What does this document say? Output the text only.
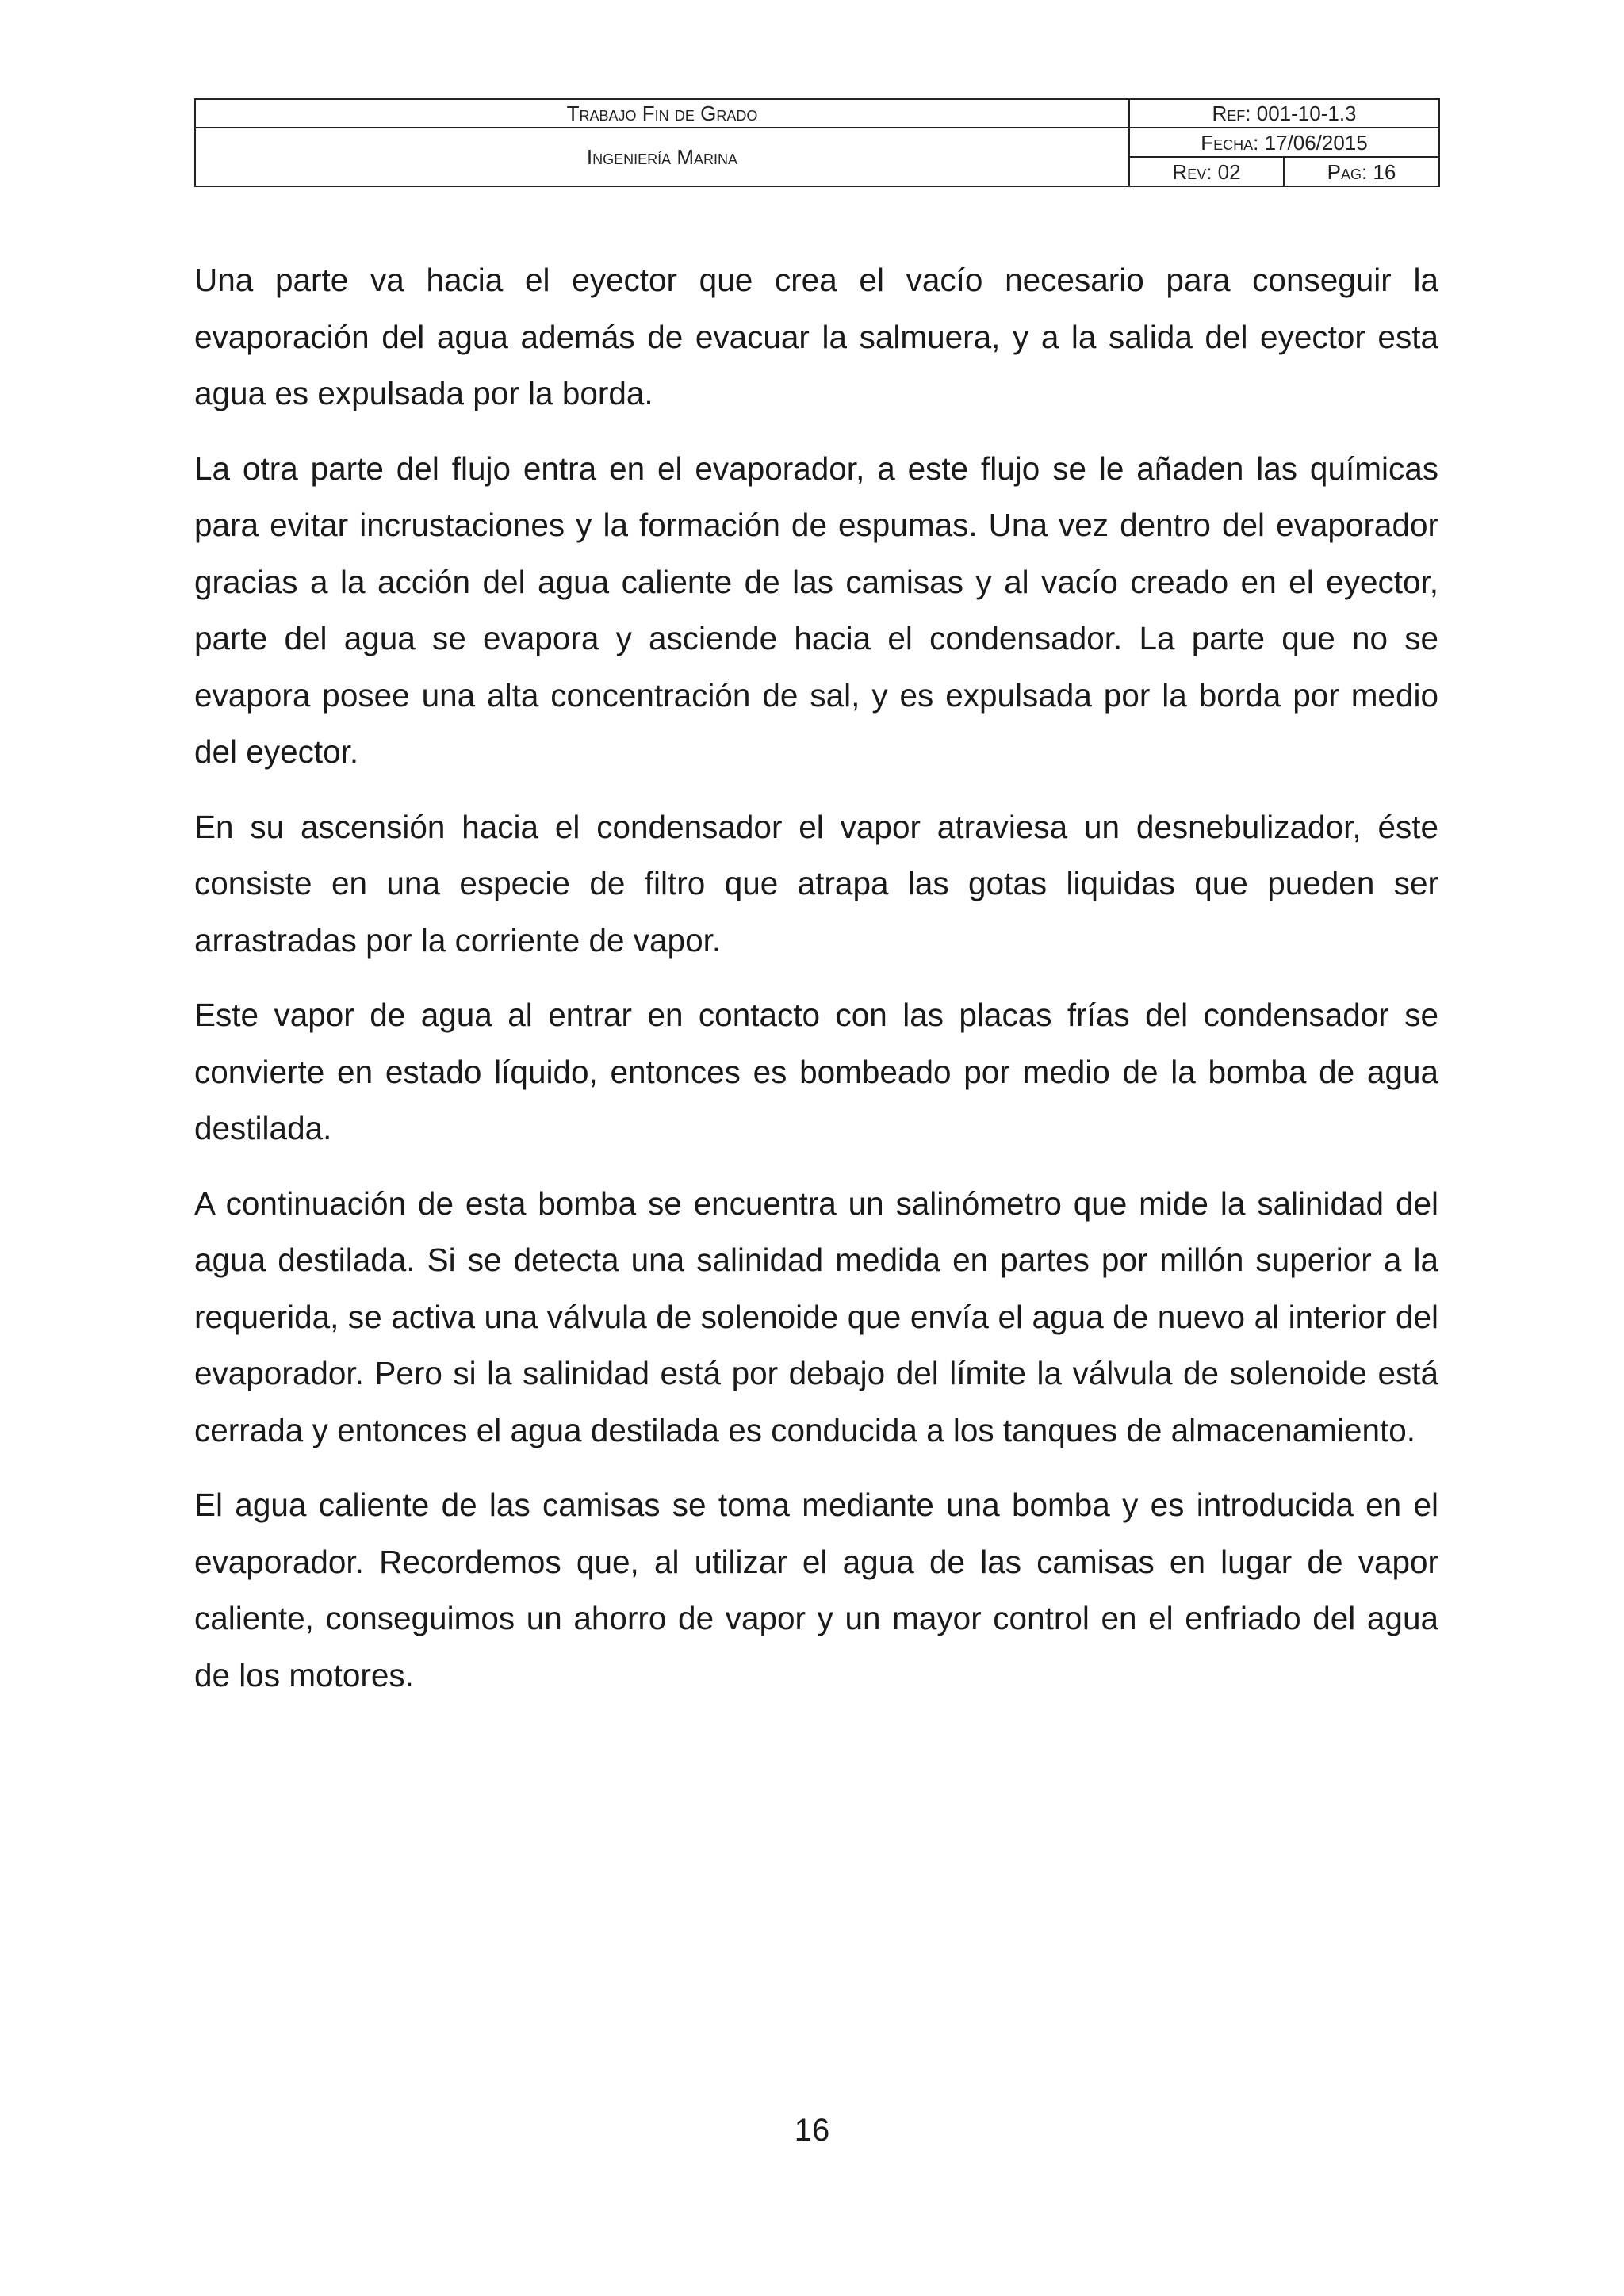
Trabajo Fin de Grado	Ref: 001-10-1.3	
Ingeniería Marina	Fecha: 17/06/2015	
	Rev: 02	Pag: 16

Una parte va hacia el eyector que crea el vacío necesario para conseguir la evaporación del agua además de evacuar la salmuera, y a la salida del eyector esta agua es expulsada por la borda.

La otra parte del flujo entra en el evaporador, a este flujo se le añaden las químicas para evitar incrustaciones y la formación de espumas. Una vez dentro del evaporador gracias a la acción del agua caliente de las camisas y al vacío creado en el eyector, parte del agua se evapora y asciende hacia el condensador. La parte que no se evapora posee una alta concentración de sal, y es expulsada por la borda por medio del eyector.

En su ascensión hacia el condensador el vapor atraviesa un desnebulizador, éste consiste en una especie de filtro que atrapa las gotas liquidas que pueden ser arrastradas por la corriente de vapor.

Este vapor de agua al entrar en contacto con las placas frías del condensador se convierte en estado líquido, entonces es bombeado por medio de la bomba de agua destilada.

A continuación de esta bomba se encuentra un salinómetro que mide la salinidad del agua destilada. Si se detecta una salinidad medida en partes por millón superior a la requerida, se activa una válvula de solenoide que envía el agua de nuevo al interior del evaporador. Pero si la salinidad está por debajo del límite la válvula de solenoide está cerrada y entonces el agua destilada es conducida a los tanques de almacenamiento.

El agua caliente de las camisas se toma mediante una bomba y es introducida en el evaporador. Recordemos que, al utilizar el agua de las camisas en lugar de vapor caliente, conseguimos un ahorro de vapor y un mayor control en el enfriado del agua de los motores.

16
